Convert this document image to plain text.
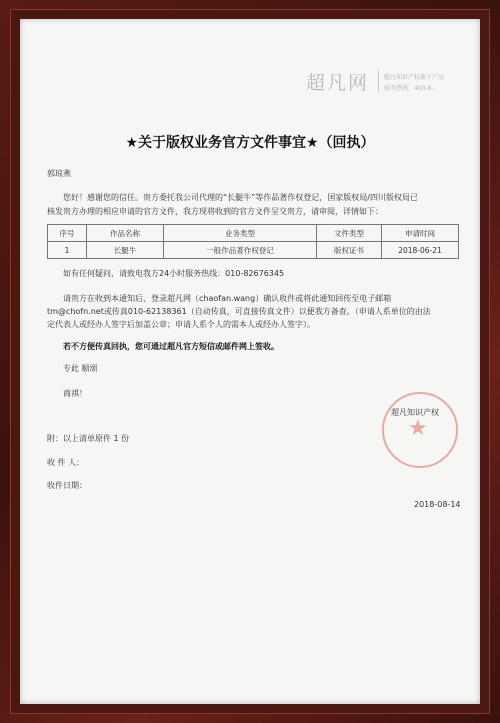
超凡网 超凡知识产权旗下产品
服务热线：400-6...
★关于版权业务官方文件事宜★（回执）
郭琼燕
您好！感谢您的信任。贵方委托我公司代理的“长腿牛”等作品著作权登记，国家版权局/四川版权局已
核发贵方办理的相应申请的官方文件，我方现将收到的官方文件呈交贵方，请审阅，详情如下：
序号	作品名称	业务类型	文件类型	申请时间
1	长腿牛	一般作品著作权登记	版权证书	2018-06-21
如有任何疑问，请致电我方24小时服务热线：010-82676345
请贵方在收到本通知后，登录超凡网（chaofan.wang）确认收件或将此通知回传至电子邮箱
tm@chofn.net或传真010-62138361（自动传真，可直接传真文件）以便我方备查。（申请人系单位的由法
定代表人或经办人签字后加盖公章；申请人系个人的需本人或经办人签字）。
若不方便传真回执，您可通过超凡官方短信或邮件网上签收。
专此 顺颂
商祺！
★
超凡知识产权
附：以上清单原件 1 份
收 件 人：
收件日期：
2018-08-14
